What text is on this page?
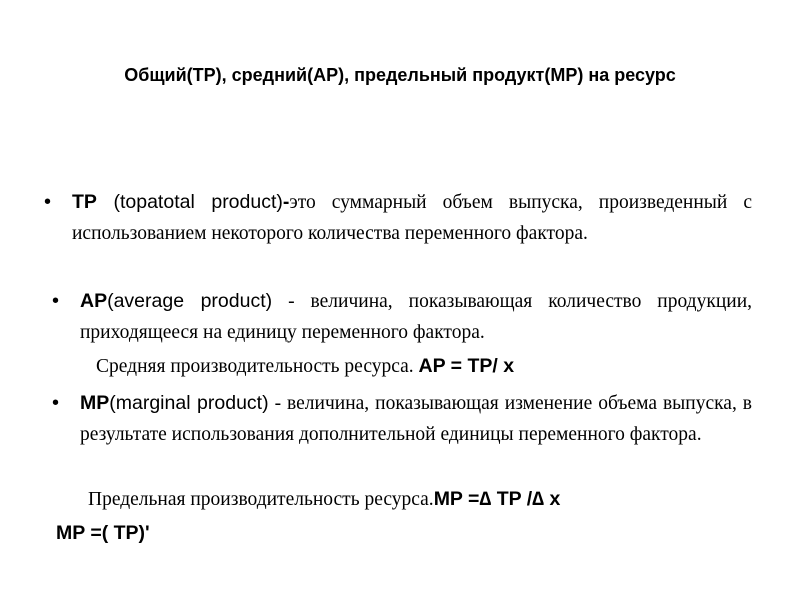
Общий(ТР), средний(АР), предельный продукт(МР) на ресурс
• TP (topatotal product)-это суммарный объем выпуска, произведенный с использованием некоторого количества переменного фактора.
• AP(average product) - величина, показывающая количество продукции, приходящееся на единицу переменного фактора.
Средняя производительность ресурса. AP = TP/ x
• MP(marginal product) - величина, показывающая изменение объема выпуска, в результате использования дополнительной единицы переменного фактора.
Предельная производительность ресурса.MP =∆ TP /∆ x
MP =( TP)'
